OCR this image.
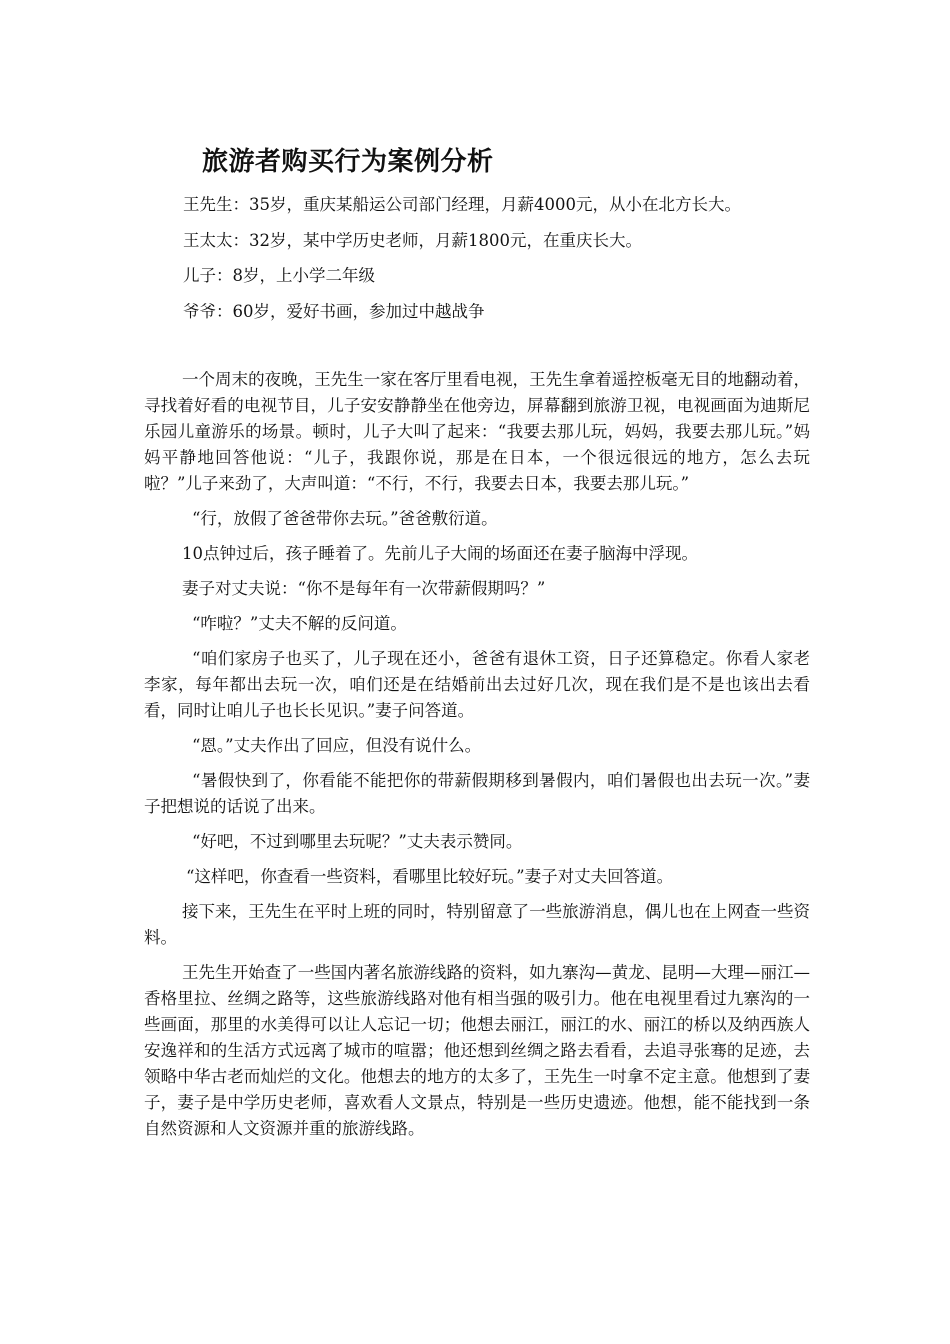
旅游者购买行为案例分析

王先生：35岁，重庆某船运公司部门经理，月薪4000元，从小在北方长大。

王太太：32岁，某中学历史老师，月薪1800元，在重庆长大。

儿子：8岁，上小学二年级

爷爷：60岁，爱好书画，参加过中越战争

一个周末的夜晚，王先生一家在客厅里看电视，王先生拿着遥控板毫无目的地翻动着，寻找着好看的电视节目，儿子安安静静坐在他旁边，屏幕翻到旅游卫视，电视画面为迪斯尼乐园儿童游乐的场景。顿时，儿子大叫了起来：“我要去那儿玩，妈妈，我要去那儿玩。”妈妈平静地回答他说：“儿子，我跟你说，那是在日本，一个很远很远的地方，怎么去玩啦？”儿子来劲了，大声叫道：“不行，不行，我要去日本，我要去那儿玩。”

“行，放假了爸爸带你去玩。”爸爸敷衍道。

10点钟过后，孩子睡着了。先前儿子大闹的场面还在妻子脑海中浮现。

妻子对丈夫说：“你不是每年有一次带薪假期吗？”

“咋啦？”丈夫不解的反问道。

“咱们家房子也买了，儿子现在还小，爸爸有退休工资，日子还算稳定。你看人家老李家，每年都出去玩一次，咱们还是在结婚前出去过好几次，现在我们是不是也该出去看看，同时让咱儿子也长长见识。”妻子问答道。

“恩。”丈夫作出了回应，但没有说什么。

“暑假快到了，你看能不能把你的带薪假期移到暑假内，咱们暑假也出去玩一次。”妻子把想说的话说了出来。

“好吧，不过到哪里去玩呢？”丈夫表示赞同。

“这样吧，你查看一些资料，看哪里比较好玩。”妻子对丈夫回答道。

接下来，王先生在平时上班的同时，特别留意了一些旅游消息，偶儿也在上网查一些资料。

王先生开始查了一些国内著名旅游线路的资料，如九寨沟—黄龙、昆明—大理—丽江—香格里拉、丝绸之路等，这些旅游线路对他有相当强的吸引力。他在电视里看过九寨沟的一些画面，那里的水美得可以让人忘记一切；他想去丽江，丽江的水、丽江的桥以及纳西族人安逸祥和的生活方式远离了城市的喧嚣；他还想到丝绸之路去看看，去追寻张骞的足迹，去领略中华古老而灿烂的文化。他想去的地方的太多了，王先生一吋拿不定主意。他想到了妻子，妻子是中学历史老师，喜欢看人文景点，特别是一些历史遗迹。他想，能不能找到一条自然资源和人文资源并重的旅游线路。
